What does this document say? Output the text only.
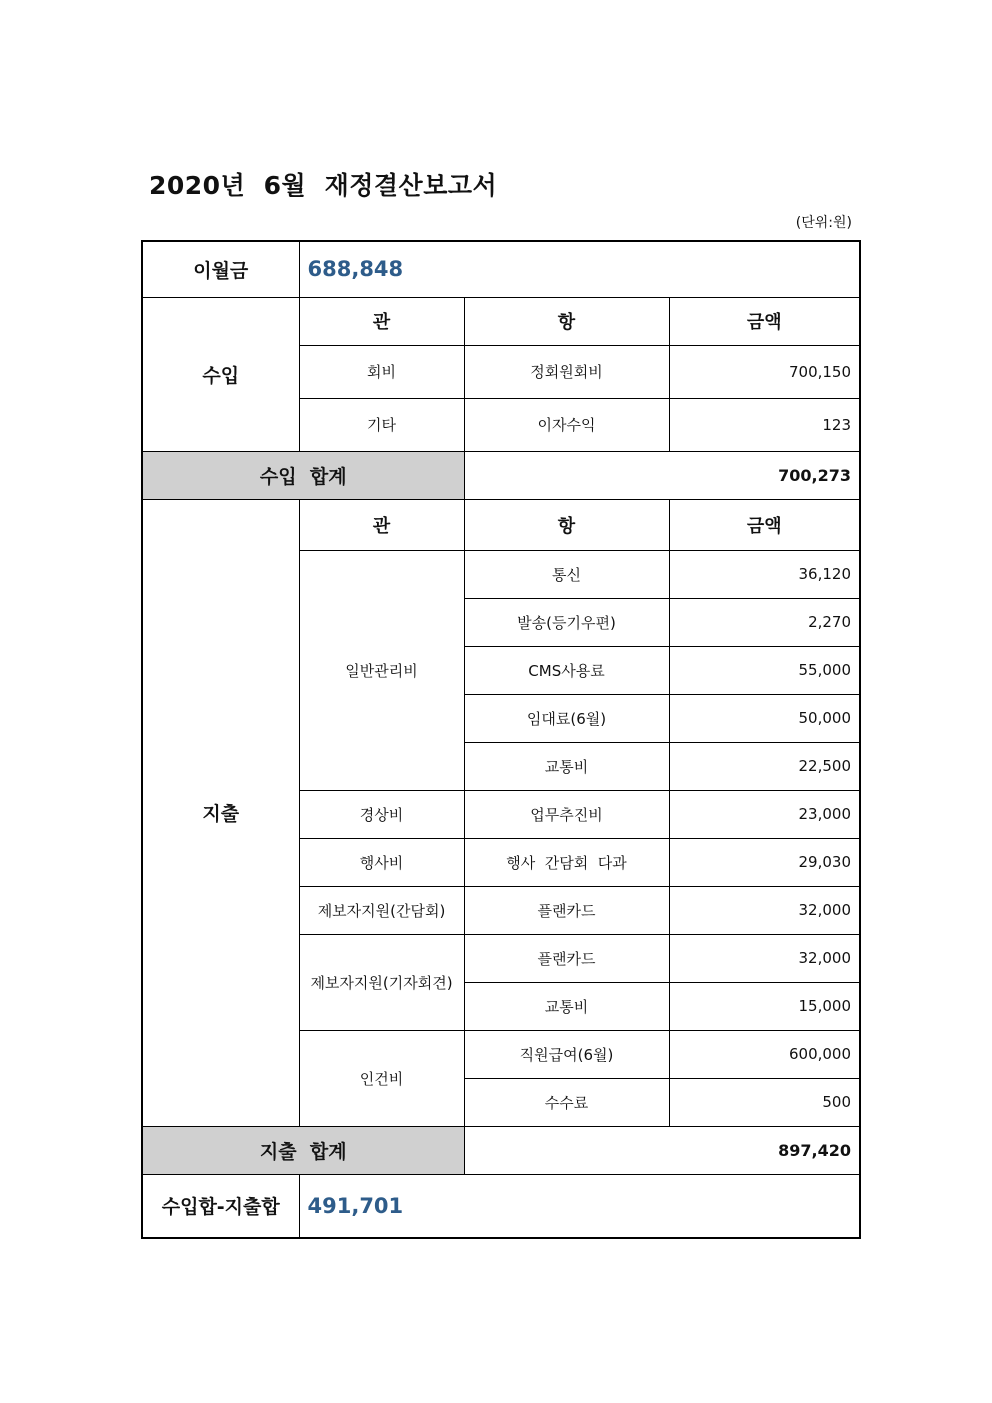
2020년  6월  재정결산보고서
(단위:원)
이월금	688,848		
수입	관	항	금액
	회비	정회원회비	700,150
	기타	이자수익	123
수입  합계		700,273	
지출	관	항	금액
	일반관리비	통신	36,120
		발송(등기우편)	2,270
		CMS사용료	55,000
		임대료(6월)	50,000
		교통비	22,500
	경상비	업무추진비	23,000
	행사비	행사  간담회  다과	29,030
	제보자지원(간담회)	플랜카드	32,000
	제보자지원(기자회견)	플랜카드	32,000
		교통비	15,000
	인건비	직원급여(6월)	600,000
		수수료	500
지출  합계		897,420	
수입합-지출합	491,701		
